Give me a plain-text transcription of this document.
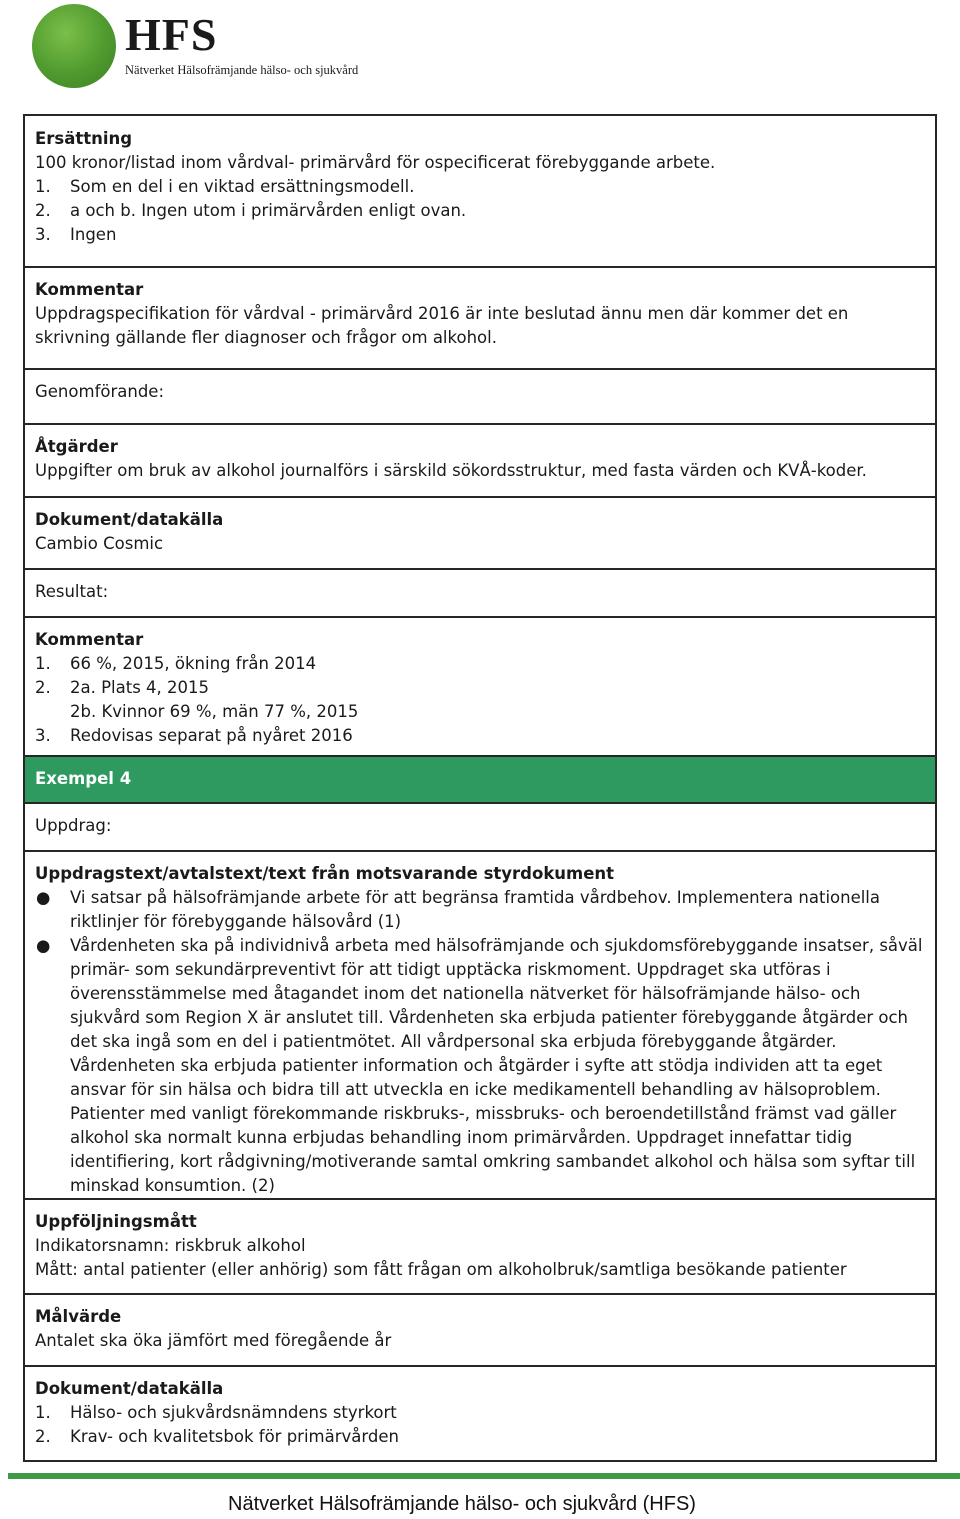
HFS
Nätverket Hälsofrämjande hälso- och sjukvård
Ersättning
100 kronor/listad inom vårdval- primärvård för ospecificerat förebyggande arbete.
1. Som en del i en viktad ersättningsmodell.
2. a och b. Ingen utom i primärvården enligt ovan.
3. Ingen

Kommentar
Uppdragspecifikation för vårdval - primärvård 2016 är inte beslutad ännu men där kommer det en skrivning gällande fler diagnoser och frågor om alkohol.

Genomförande:

Åtgärder
Uppgifter om bruk av alkohol journalförs i särskild sökordsstruktur, med fasta värden och KVÅ-koder.

Dokument/datakälla
Cambio Cosmic

Resultat:

Kommentar
1. 66 %, 2015, ökning från 2014
2. 2a. Plats 4, 2015
2b. Kvinnor 69 %, män 77 %, 2015
3. Redovisas separat på nyåret 2016
Exempel 4

Uppdrag:

Uppdragstext/avtalstext/text från motsvarande styrdokument
● Vi satsar på hälsofrämjande arbete för att begränsa framtida vårdbehov. Implementera nationella riktlinjer för förebyggande hälsovård (1)
● Vårdenheten ska på individnivå arbeta med hälsofrämjande och sjukdomsförebyggande insatser, såväl primär- som sekundärpreventivt för att tidigt upptäcka riskmoment. Uppdraget ska utföras i överensstämmelse med åtagandet inom det nationella nätverket för hälsofrämjande hälso- och sjukvård som Region X är anslutet till. Vårdenheten ska erbjuda patienter förebyggande åtgärder och det ska ingå som en del i patientmötet. All vårdpersonal ska erbjuda förebyggande åtgärder. Vårdenheten ska erbjuda patienter information och åtgärder i syfte att stödja individen att ta eget ansvar för sin hälsa och bidra till att utveckla en icke medikamentell behandling av hälsoproblem. Patienter med vanligt förekommande riskbruks-, missbruks- och beroendetillstånd främst vad gäller alkohol ska normalt kunna erbjudas behandling inom primärvården. Uppdraget innefattar tidig identifiering, kort rådgivning/motiverande samtal omkring sambandet alkohol och hälsa som syftar till minskad konsumtion. (2)

Uppföljningsmått
Indikatorsnamn: riskbruk alkohol
Mått: antal patienter (eller anhörig) som fått frågan om alkoholbruk/samtliga besökande patienter

Målvärde
Antalet ska öka jämfört med föregående år

Dokument/datakälla
1. Hälso- och sjukvårdsnämndens styrkort
2. Krav- och kvalitetsbok för primärvården
Nätverket Hälsofrämjande hälso- och sjukvård (HFS)
